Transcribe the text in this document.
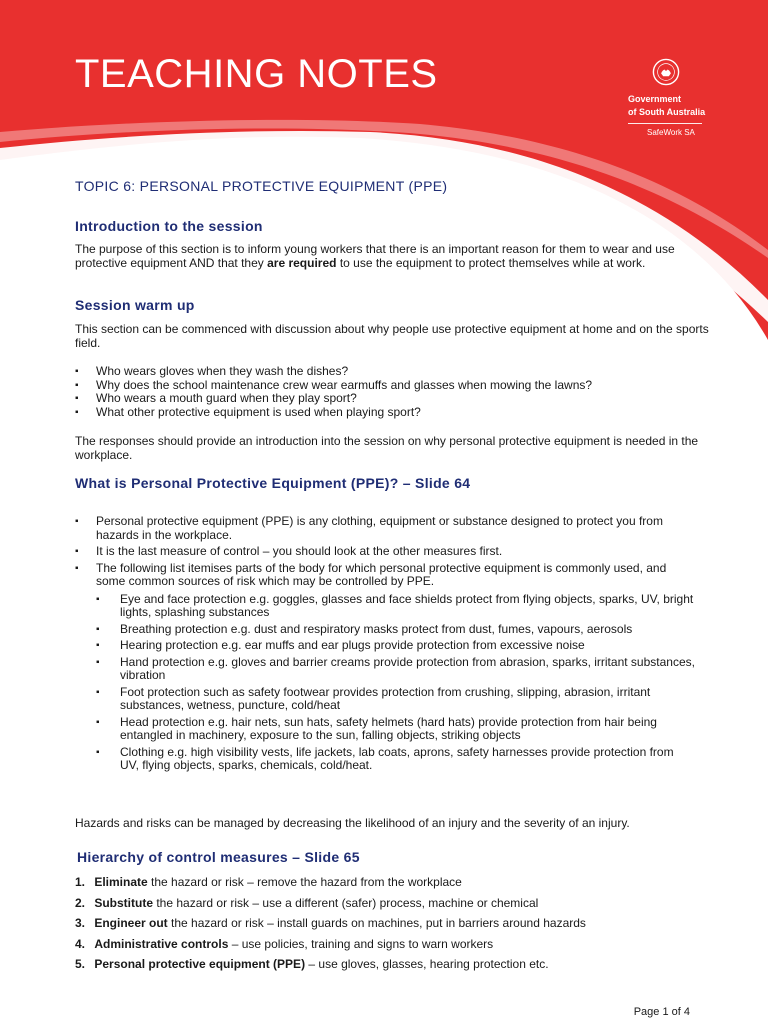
TEACHING NOTES
Government
of South Australia
SafeWork SA
TOPIC 6: PERSONAL PROTECTIVE EQUIPMENT (PPE)
Introduction to the session

The purpose of this section is to inform young workers that there is an important reason for them to wear and use protective equipment AND that they are required to use the equipment to protect themselves while at work.

Session warm up

This section can be commenced with discussion about why people use protective equipment at home and on the sports field.

▪ Who wears gloves when they wash the dishes?
▪ Why does the school maintenance crew wear earmuffs and glasses when mowing the lawns?
▪ Who wears a mouth guard when they play sport?
▪ What other protective equipment is used when playing sport?

The responses should provide an introduction into the session on why personal protective equipment is needed in the workplace.

What is Personal Protective Equipment (PPE)? – Slide 64
▪ Personal protective equipment (PPE) is any clothing, equipment or substance designed to protect you from hazards in the workplace.
▪ It is the last measure of control – you should look at the other measures first.
▪ The following list itemises parts of the body for which personal protective equipment is commonly used, and some common sources of risk which may be controlled by PPE.
▪ Eye and face protection e.g. goggles, glasses and face shields protect from flying objects, sparks, UV, bright lights, splashing substances
▪ Breathing protection e.g. dust and respiratory masks protect from dust, fumes, vapours, aerosols
▪ Hearing protection e.g. ear muffs and ear plugs provide protection from excessive noise
▪ Hand protection e.g. gloves and barrier creams provide protection from abrasion, sparks, irritant substances, vibration
▪ Foot protection such as safety footwear provides protection from crushing, slipping, abrasion, irritant substances, wetness, puncture, cold/heat
▪ Head protection e.g. hair nets, sun hats, safety helmets (hard hats) provide protection from hair being entangled in machinery, exposure to the sun, falling objects, striking objects
▪ Clothing e.g. high visibility vests, life jackets, lab coats, aprons, safety harnesses provide protection from UV, flying objects, sparks, chemicals, cold/heat.

Hazards and risks can be managed by decreasing the likelihood of an injury and the severity of an injury.

Hierarchy of control measures – Slide 65
1. Eliminate the hazard or risk – remove the hazard from the workplace
2. Substitute the hazard or risk – use a different (safer) process, machine or chemical
3. Engineer out the hazard or risk – install guards on machines, put in barriers around hazards
4. Administrative controls – use policies, training and signs to warn workers
5. Personal protective equipment (PPE) – use gloves, glasses, hearing protection etc.
Page 1 of 4
